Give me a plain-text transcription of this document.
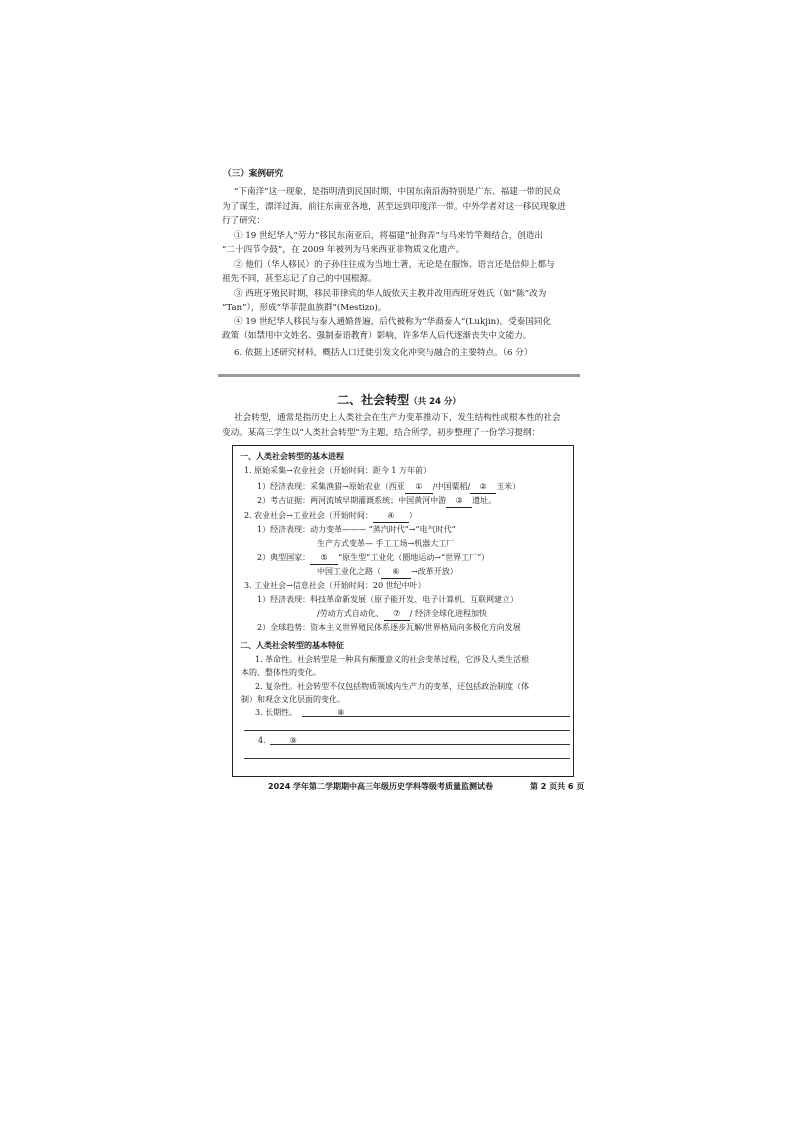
（三）案例研究
“下南洋”这一现象，是指明清到民国时期，中国东南沿海特别是广东、福建一带的民众
为了谋生，漂洋过海，前往东南亚各地，甚至远到印度洋一带。中外学者对这一移民现象进
行了研究：
① 19 世纪华人“劳力”移民东南亚后，将福建“扯狗弄”与马来竹竿舞结合，创造出
“二十四节令鼓”，在 2009 年被列为马来西亚非物质文化遗产。
② 他们（华人移民）的子孙往往成为当地土著，无论是在服饰、语言还是信仰上都与
祖先不同，甚至忘记了自己的中国根源。
③ 西班牙殖民时期，移民菲律宾的华人皈依天主教并改用西班牙姓氏（如“陈”改为
“Tan”），形成“华菲混血族群”(Mestizo)。
④ 19 世纪华人移民与泰人通婚普遍，后代被称为“华裔泰人”(Lukjin)。受泰国同化
政策（如禁用中文姓名、强制泰语教育）影响，许多华人后代逐渐丧失中文能力。
6. 依据上述研究材料，概括人口迁徙引发文化冲突与融合的主要特点。（6 分）
二、社会转型（共 24 分）
社会转型，通常是指历史上人类社会在生产力变革推动下，发生结构性或根本性的社会
变动。某高三学生以“人类社会转型”为主题，结合所学，初步整理了一份学习提纲：
一、人类社会转型的基本进程
1. 原始采集→农业社会（开始时间：距今 1 万年前）
1）经济表现：采集渔猎→原始农业（西亚 ① /中国粟稻/ ② 玉米）
2）考古证据：两河流域早期灌溉系统；中国黄河中游 ③ 遗址。
2. 农业社会→工业社会（开始时间： ④ ）
1）经济表现：动力变革——— “蒸汽时代”→“电气时代”
生产方式变革— 手工工场→机器大工厂
2）典型国家： ⑤ “原生型”工业化（圈地运动→“世界工厂”）
中国工业化之路（ ⑥ →改革开放）
3. 工业社会→信息社会（开始时间：20 世纪中叶）
1）经济表现：科技革命新发展（原子能开发、电子计算机、互联网建立）
/劳动方式自动化、 ⑦ / 经济全球化进程加快
2）全球趋势：资本主义世界殖民体系逐步瓦解/世界格局向多极化方向发展
二、人类社会转型的基本特征
1. 革命性。社会转型是一种具有颠覆意义的社会变革过程，它涉及人类生活根
本的、整体性的变化。
2. 复杂性。社会转型不仅包括物质领域内生产力的变革，还包括政治制度（体
制）和观念文化层面的变化。
3. 长期性。	⑧
4.	⑨
2024 学年第二学期期中高三年级历史学科等级考质量监测试卷	第 2 页共 6 页
